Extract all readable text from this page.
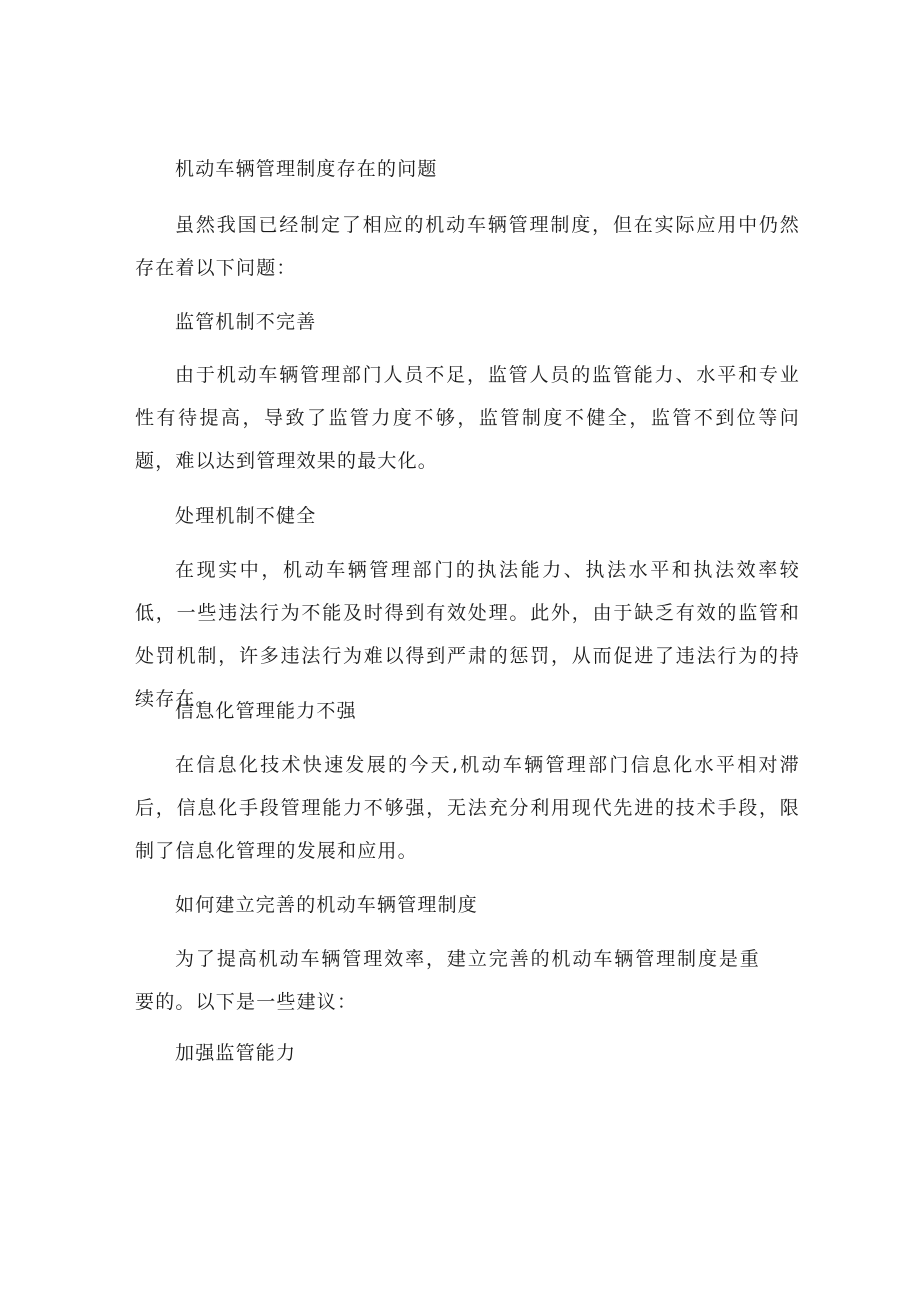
机动车辆管理制度存在的问题

虽然我国已经制定了相应的机动车辆管理制度，但在实际应用中仍然存在着以下问题：

监管机制不完善

由于机动车辆管理部门人员不足，监管人员的监管能力、水平和专业性有待提高，导致了监管力度不够，监管制度不健全，监管不到位等问题，难以达到管理效果的最大化。

处理机制不健全

在现实中，机动车辆管理部门的执法能力、执法水平和执法效率较低，一些违法行为不能及时得到有效处理。此外，由于缺乏有效的监管和处罚机制，许多违法行为难以得到严肃的惩罚，从而促进了违法行为的持续存在。

信息化管理能力不强

在信息化技术快速发展的今天,机动车辆管理部门信息化水平相对滞后，信息化手段管理能力不够强，无法充分利用现代先进的技术手段，限制了信息化管理的发展和应用。

如何建立完善的机动车辆管理制度

为了提高机动车辆管理效率，建立完善的机动车辆管理制度是重要的。以下是一些建议：

加强监管能力
